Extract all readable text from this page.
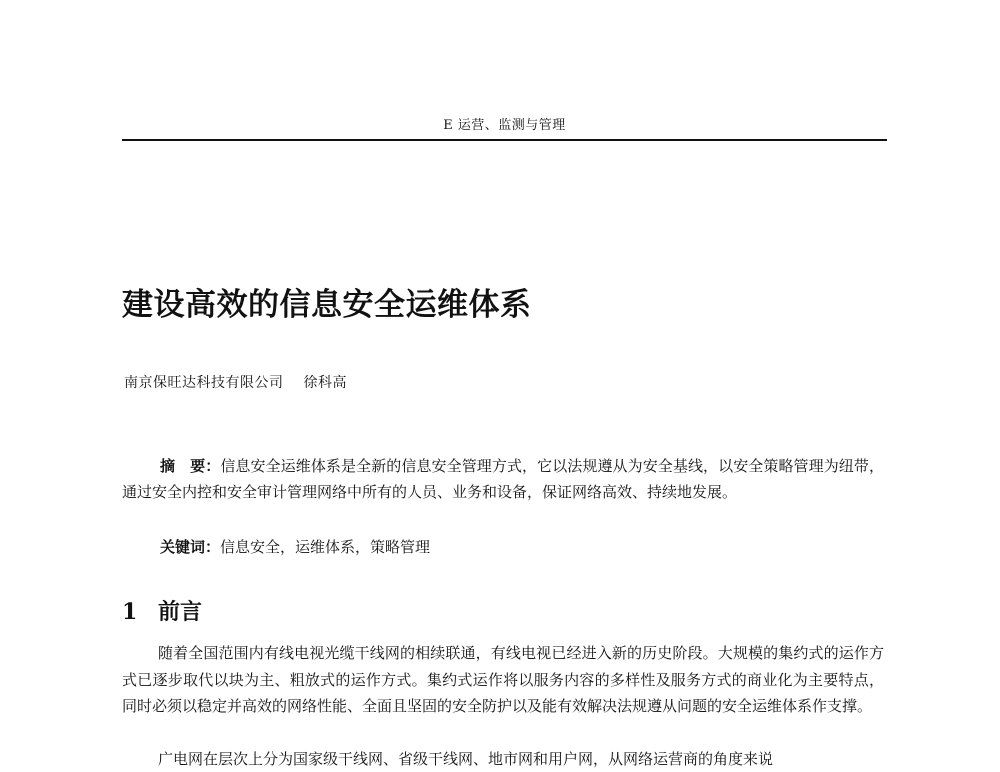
E 运营、监测与管理
建设高效的信息安全运维体系
南京保旺达科技有限公司 徐科高

摘　要：信息安全运维体系是全新的信息安全管理方式，它以法规遵从为安全基线，以安全策略管理为纽带，通过安全内控和安全审计管理网络中所有的人员、业务和设备，保证网络高效、持续地发展。

关键词：信息安全，运维体系，策略管理

1 前言

随着全国范围内有线电视光缆干线网的相续联通，有线电视已经进入新的历史阶段。大规模的集约式的运作方式已逐步取代以块为主、粗放式的运作方式。集约式运作将以服务内容的多样性及服务方式的商业化为主要特点，同时必须以稳定并高效的网络性能、全面且坚固的安全防护以及能有效解决法规遵从问题的安全运维体系作支撑。

广电网在层次上分为国家级干线网、省级干线网、地市网和用户网，从网络运营商的角度来说
